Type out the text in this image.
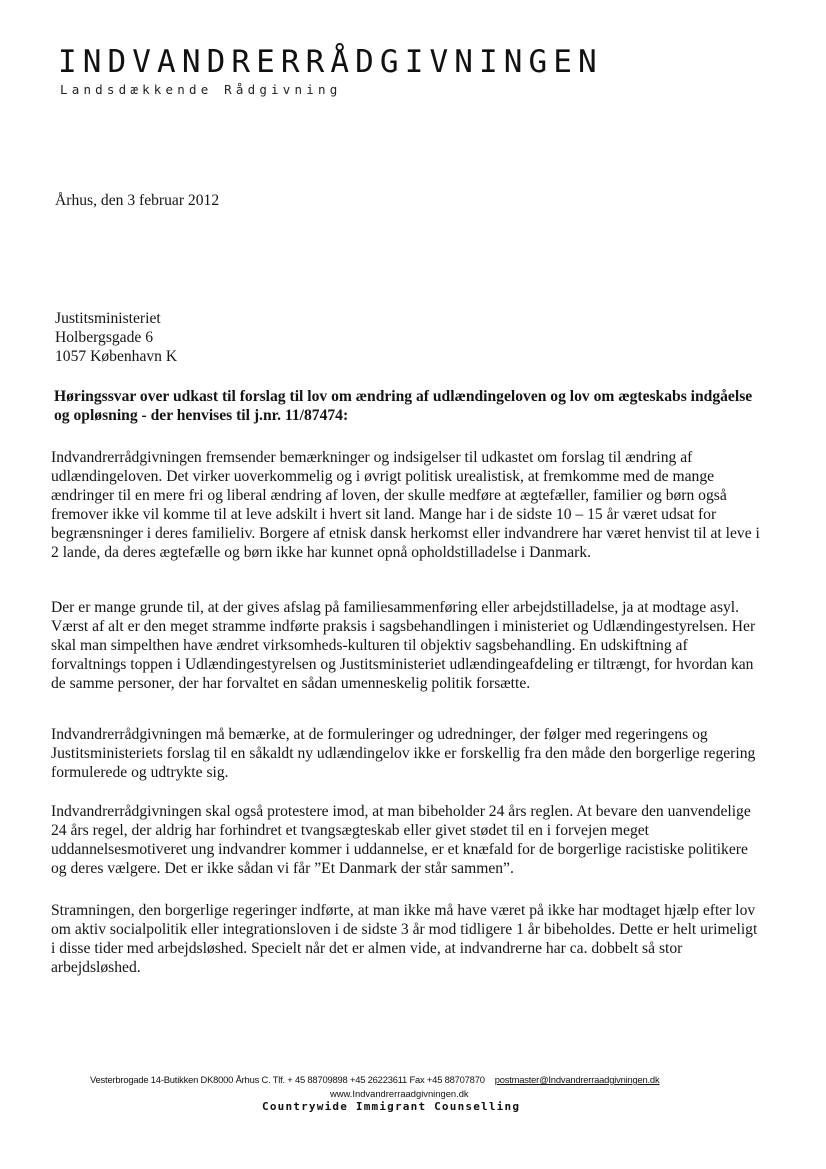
INDVANDRERRÅDGIVNINGEN
Landsdækkende Rådgivning
Århus, den 3 februar 2012
Justitsministeriet
Holbergsgade 6
1057 København K
Høringssvar over udkast til forslag til lov om ændring af udlændingeloven og lov om ægteskabs indgåelse og opløsning - der henvises til j.nr. 11/87474:
Indvandrerrådgivningen fremsender bemærkninger og indsigelser til udkastet om forslag til ændring af udlændingeloven. Det virker uoverkommelig og i øvrigt politisk urealistisk, at fremkomme med de mange ændringer til en mere fri og liberal ændring af loven, der skulle medføre at ægtefæller, familier og børn også fremover ikke vil komme til at leve adskilt i hvert sit land. Mange har i de sidste 10 – 15 år været udsat for begrænsninger i deres familieliv. Borgere af etnisk dansk herkomst eller indvandrere har været henvist til at leve i 2 lande, da deres ægtefælle og børn ikke har kunnet opnå opholdstilladelse i Danmark.
Der er mange grunde til, at der gives afslag på familiesammenføring eller arbejdstilladelse, ja at modtage asyl. Værst af alt er den meget stramme indførte praksis i sagsbehandlingen i ministeriet og Udlændingestyrelsen. Her skal man simpelthen have ændret virksomheds-kulturen til objektiv sagsbehandling. En udskiftning af forvaltnings toppen i Udlændingestyrelsen og Justitsministeriet udlændingeafdeling er tiltrængt, for hvordan kan de samme personer, der har forvaltet en sådan umenneskelig politik forsætte.
Indvandrerrådgivningen må bemærke, at de formuleringer og udredninger, der følger med regeringens og Justitsministeriets forslag til en såkaldt ny udlændingelov ikke er forskellig fra den måde den borgerlige regering formulerede og udtrykte sig.
Indvandrerrådgivningen skal også protestere imod, at man bibeholder 24 års reglen. At bevare den uanvendelige 24 års regel, der aldrig har forhindret et tvangsægteskab eller givet stødet til en i forvejen meget uddannelsesmotiveret ung indvandrer kommer i uddannelse, er et knæfald for de borgerlige racistiske politikere og deres vælgere. Det er ikke sådan vi får ”Et Danmark der står sammen”.
Stramningen, den borgerlige regeringer indførte, at man ikke må have været på ikke har modtaget hjælp efter lov om aktiv socialpolitik eller integrationsloven i de sidste 3 år mod tidligere 1 år bibeholdes. Dette er helt urimeligt i disse tider med arbejdsløshed. Specielt når det er almen vide, at indvandrerne har ca. dobbelt så stor arbejdsløshed.
Vesterbrogade 14-Butikken DK8000 Århus C. Tlf. + 45 88709898 +45 26223611 Fax +45 88707870 postmaster@Indvandrerraadgivningen.dk
www.Indvandrerraadgivningen.dk
Countrywide Immigrant Counselling
